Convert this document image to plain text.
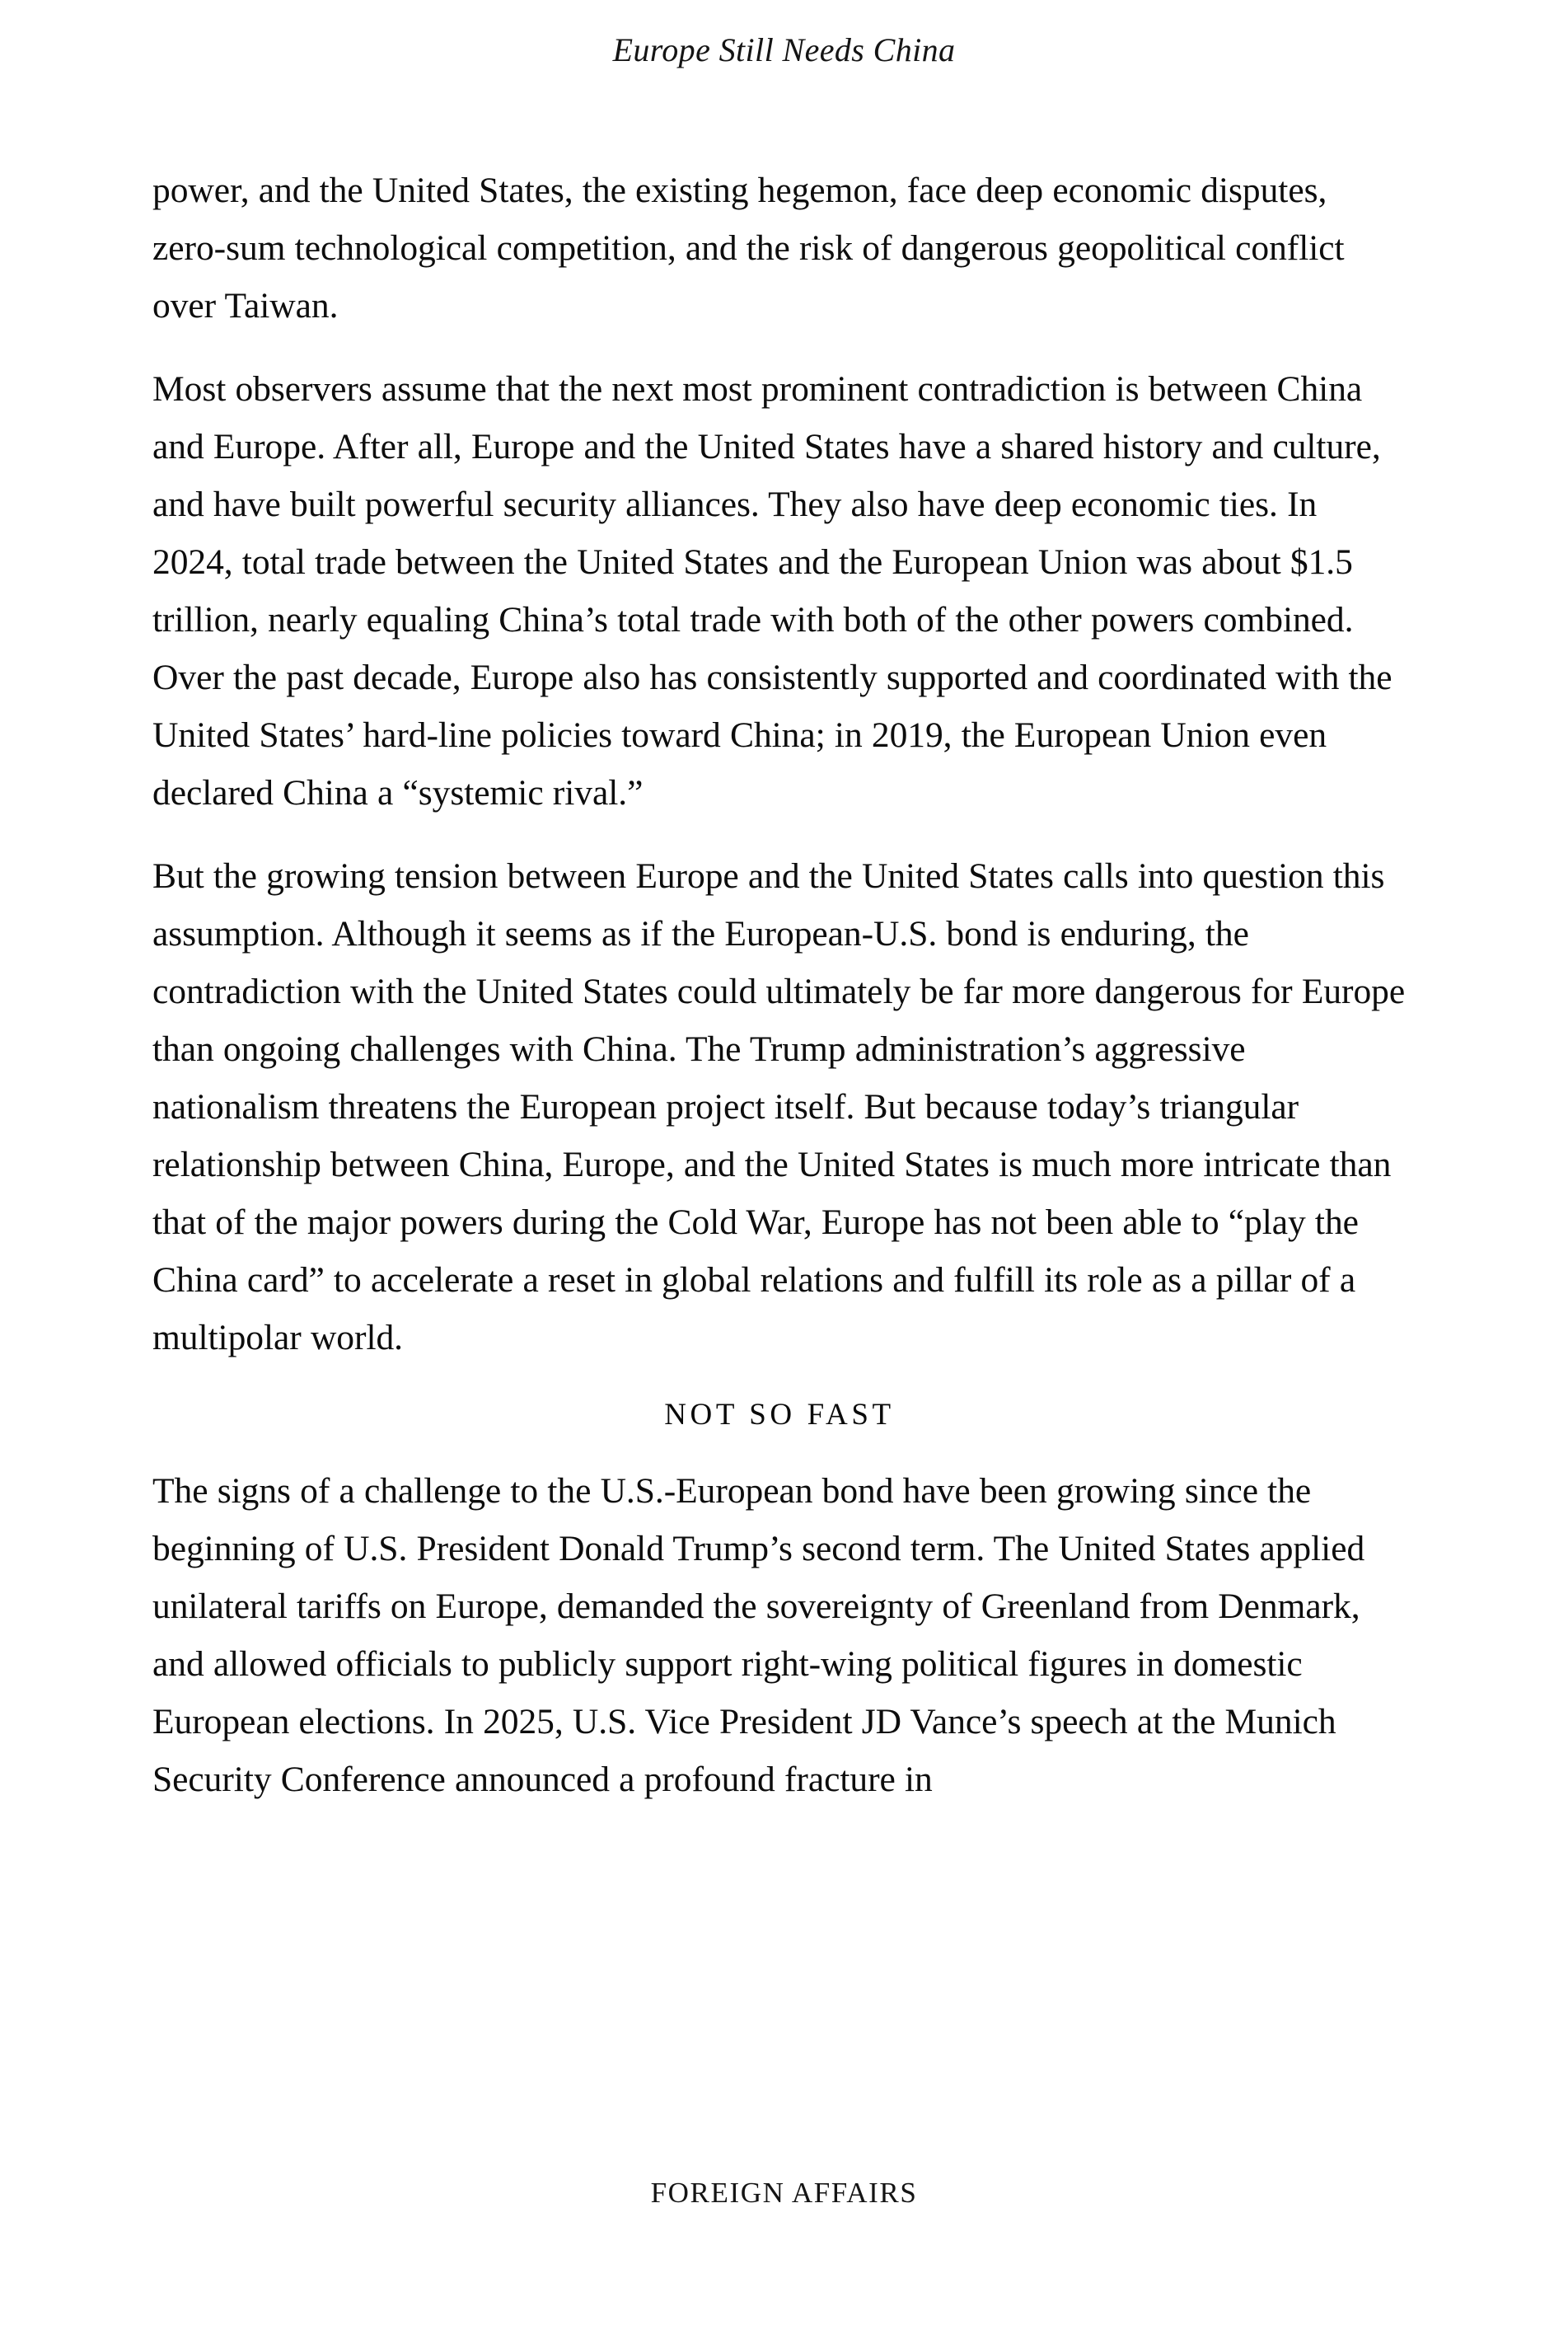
Europe Still Needs China

power, and the United States, the existing hegemon, face deep economic disputes, zero-sum technological competition, and the risk of dangerous geopolitical conflict over Taiwan.

Most observers assume that the next most prominent contradiction is between China and Europe. After all, Europe and the United States have a shared history and culture, and have built powerful security alliances. They also have deep economic ties. In 2024, total trade between the United States and the European Union was about $1.5 trillion, nearly equaling China’s total trade with both of the other powers combined. Over the past decade, Europe also has consistently supported and coordinated with the United States’ hard-line policies toward China; in 2019, the European Union even declared China a “systemic rival.”

But the growing tension between Europe and the United States calls into question this assumption. Although it seems as if the European-U.S. bond is enduring, the contradiction with the United States could ultimately be far more dangerous for Europe than ongoing challenges with China. The Trump administration’s aggressive nationalism threatens the European project itself. But because today’s triangular relationship between China, Europe, and the United States is much more intricate than that of the major powers during the Cold War, Europe has not been able to “play the China card” to accelerate a reset in global relations and fulfill its role as a pillar of a multipolar world.

NOT SO FAST

The signs of a challenge to the U.S.-European bond have been growing since the beginning of U.S. President Donald Trump’s second term. The United States applied unilateral tariffs on Europe, demanded the sovereignty of Greenland from Denmark, and allowed officials to publicly support right-wing political figures in domestic European elections. In 2025, U.S. Vice President JD Vance’s speech at the Munich Security Conference announced a profound fracture in

FOREIGN AFFAIRS
